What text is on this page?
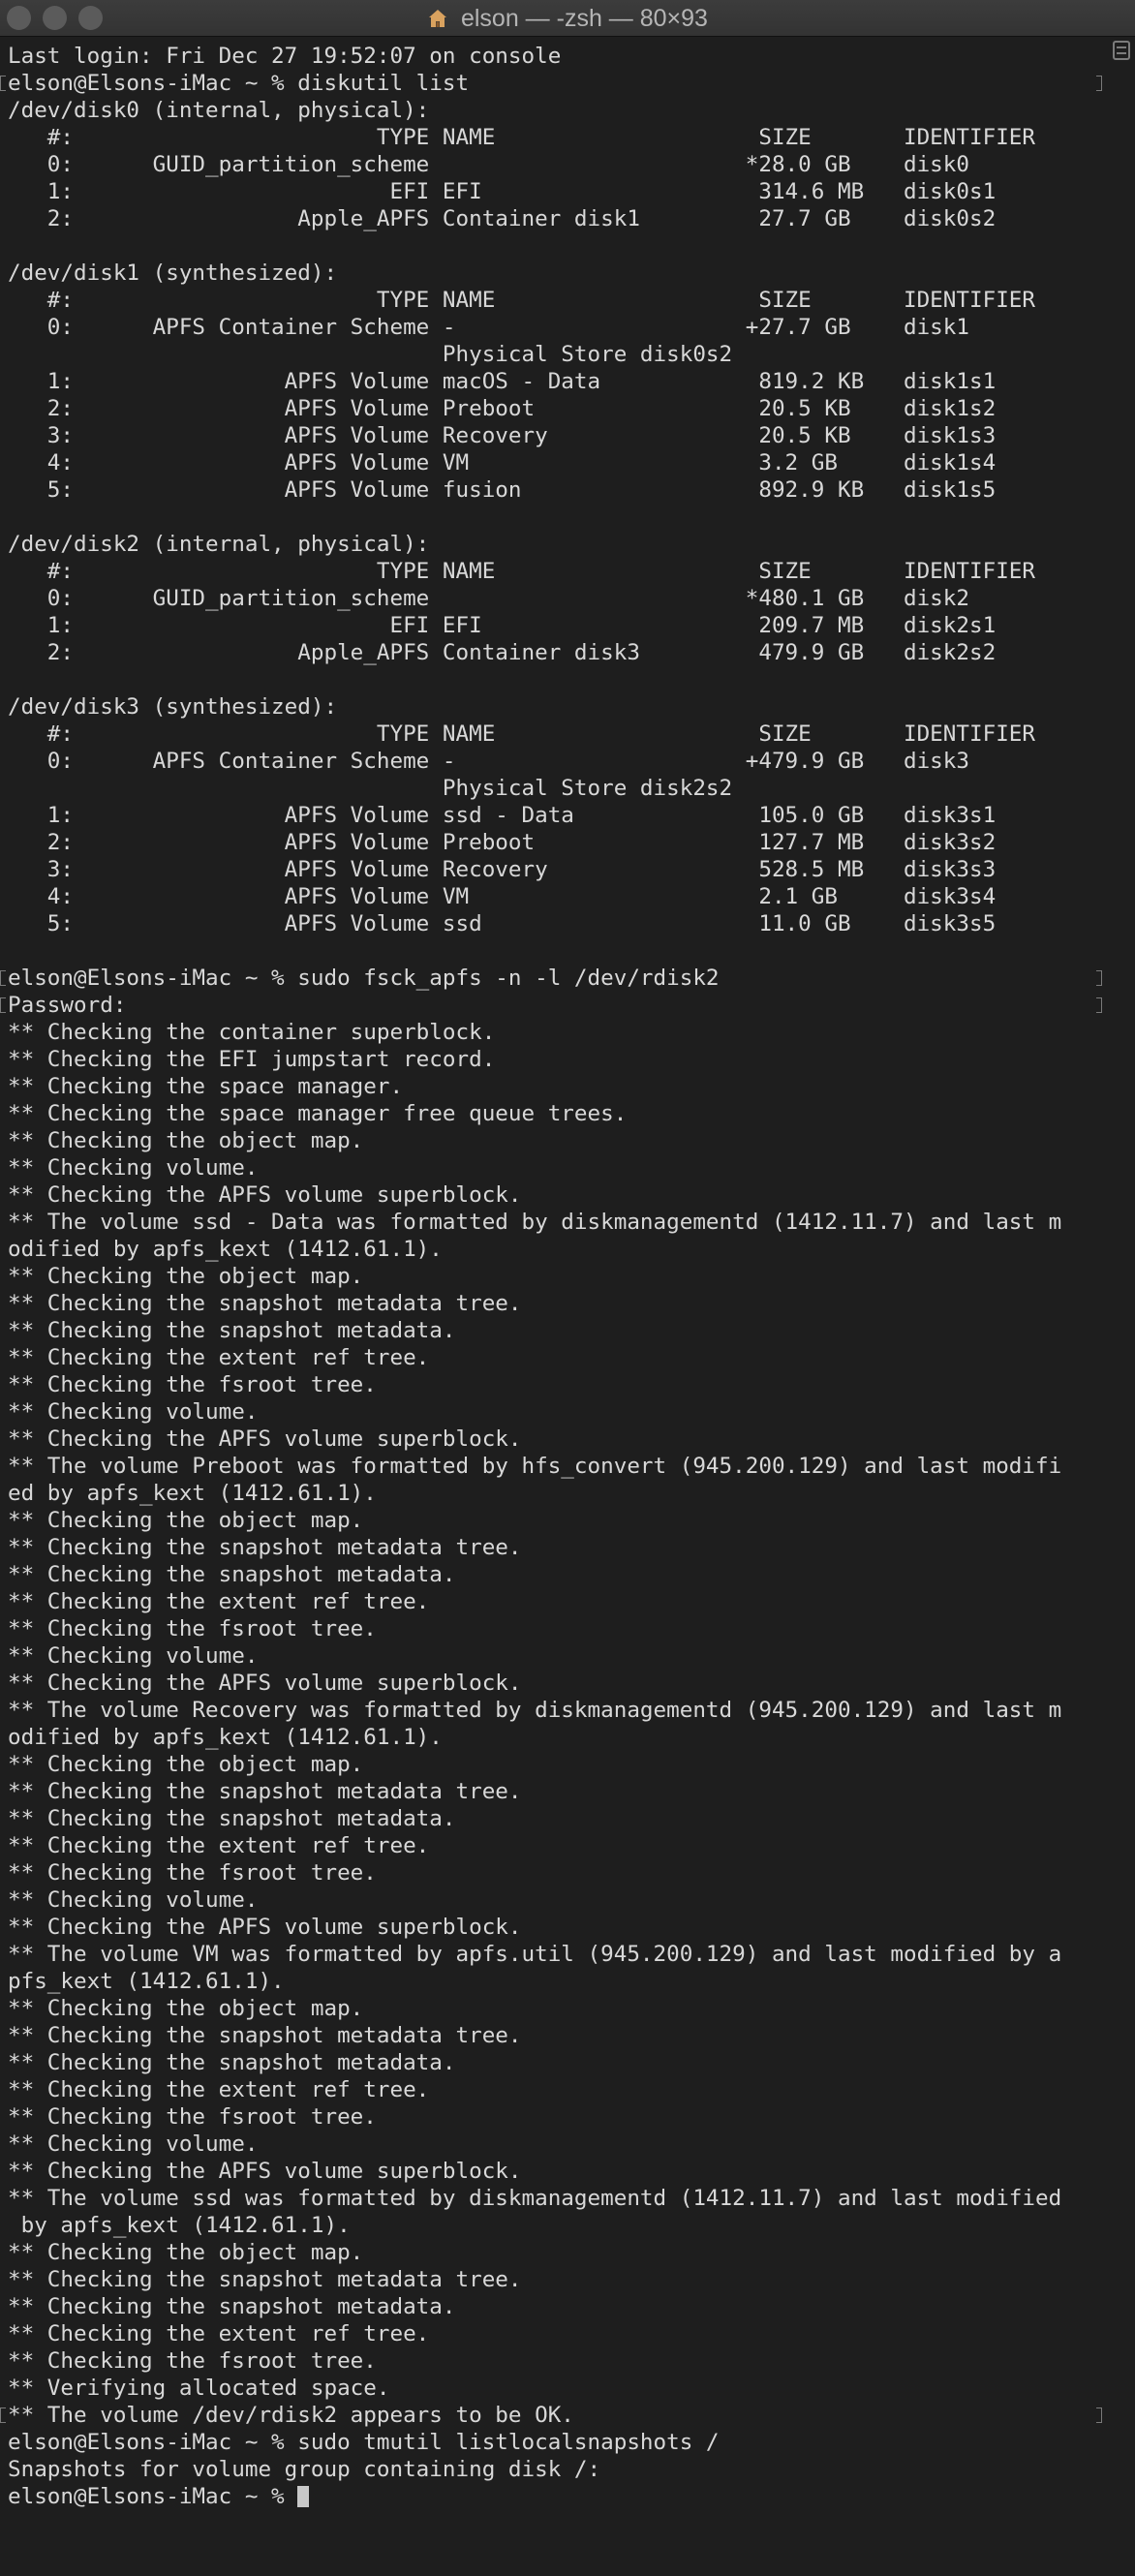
elson — -zsh — 80×93
Last login: Fri Dec 27 19:52:07 on console
elson@Elsons-iMac ~ % diskutil list
/dev/disk0 (internal, physical):
#:                       TYPE NAME                    SIZE       IDENTIFIER
0:      GUID_partition_scheme                        *28.0 GB    disk0
1:                        EFI EFI                     314.6 MB   disk0s1
2:                 Apple_APFS Container disk1         27.7 GB    disk0s2
/dev/disk1 (synthesized):
#:                       TYPE NAME                    SIZE       IDENTIFIER
0:      APFS Container Scheme -                      +27.7 GB    disk1
Physical Store disk0s2
1:                APFS Volume macOS - Data            819.2 KB   disk1s1
2:                APFS Volume Preboot                 20.5 KB    disk1s2
3:                APFS Volume Recovery                20.5 KB    disk1s3
4:                APFS Volume VM                      3.2 GB     disk1s4
5:                APFS Volume fusion                  892.9 KB   disk1s5
/dev/disk2 (internal, physical):
#:                       TYPE NAME                    SIZE       IDENTIFIER
0:      GUID_partition_scheme                        *480.1 GB   disk2
1:                        EFI EFI                     209.7 MB   disk2s1
2:                 Apple_APFS Container disk3         479.9 GB   disk2s2
/dev/disk3 (synthesized):
#:                       TYPE NAME                    SIZE       IDENTIFIER
0:      APFS Container Scheme -                      +479.9 GB   disk3
Physical Store disk2s2
1:                APFS Volume ssd - Data              105.0 GB   disk3s1
2:                APFS Volume Preboot                 127.7 MB   disk3s2
3:                APFS Volume Recovery                528.5 MB   disk3s3
4:                APFS Volume VM                      2.1 GB     disk3s4
5:                APFS Volume ssd                     11.0 GB    disk3s5
elson@Elsons-iMac ~ % sudo fsck_apfs -n -l /dev/rdisk2
Password:
** Checking the container superblock.
** Checking the EFI jumpstart record.
** Checking the space manager.
** Checking the space manager free queue trees.
** Checking the object map.
** Checking volume.
** Checking the APFS volume superblock.
** The volume ssd - Data was formatted by diskmanagementd (1412.11.7) and last m
odified by apfs_kext (1412.61.1).
** Checking the object map.
** Checking the snapshot metadata tree.
** Checking the snapshot metadata.
** Checking the extent ref tree.
** Checking the fsroot tree.
** Checking volume.
** Checking the APFS volume superblock.
** The volume Preboot was formatted by hfs_convert (945.200.129) and last modifi
ed by apfs_kext (1412.61.1).
** Checking the object map.
** Checking the snapshot metadata tree.
** Checking the snapshot metadata.
** Checking the extent ref tree.
** Checking the fsroot tree.
** Checking volume.
** Checking the APFS volume superblock.
** The volume Recovery was formatted by diskmanagementd (945.200.129) and last m
odified by apfs_kext (1412.61.1).
** Checking the object map.
** Checking the snapshot metadata tree.
** Checking the snapshot metadata.
** Checking the extent ref tree.
** Checking the fsroot tree.
** Checking volume.
** Checking the APFS volume superblock.
** The volume VM was formatted by apfs.util (945.200.129) and last modified by a
pfs_kext (1412.61.1).
** Checking the object map.
** Checking the snapshot metadata tree.
** Checking the snapshot metadata.
** Checking the extent ref tree.
** Checking the fsroot tree.
** Checking volume.
** Checking the APFS volume superblock.
** The volume ssd was formatted by diskmanagementd (1412.11.7) and last modified
by apfs_kext (1412.61.1).
** Checking the object map.
** Checking the snapshot metadata tree.
** Checking the snapshot metadata.
** Checking the extent ref tree.
** Checking the fsroot tree.
** Verifying allocated space.
** The volume /dev/rdisk2 appears to be OK.
elson@Elsons-iMac ~ % sudo tmutil listlocalsnapshots /
Snapshots for volume group containing disk /:
elson@Elsons-iMac ~ %
